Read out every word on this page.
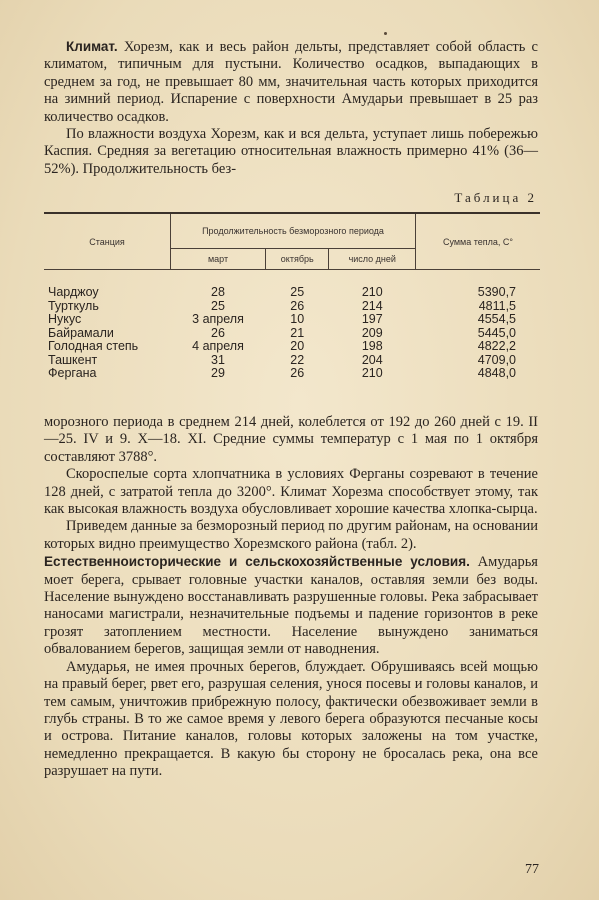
Климат. Хорезм, как и весь район дельты, представляет собой область с климатом, типичным для пустыни. Количество осадков, выпадающих в среднем за год, не превышает 80 мм, значительная часть которых приходится на зимний период. Испарение с поверхности Амударьи превышает в 25 раз количество осадков.

По влажности воздуха Хорезм, как и вся дельта, уступает лишь побережью Каспия. Средняя за вегетацию относительная влажность примерно 41% (36—52%). Продолжительность без-

Таблица 2
Станция	Продолжительность безморозного периода			Сумма тепла, С°
	март	октябрь	число дней	
Чарджоу	28	25	210	5390,7
Турткуль	25	26	214	4811,5
Нукус	3 апреля	10	197	4554,5
Байрамали	26	21	209	5445,0
Голодная степь	4 апреля	20	198	4822,2
Ташкент	31	22	204	4709,0
Фергана	29	26	210	4848,0

морозного периода в среднем 214 дней, колеблется от 192 до 260 дней с 19. II—25. IV и 9. X—18. XI. Средние суммы температур с 1 мая по 1 октября составляют 3788°.

Скороспелые сорта хлопчатника в условиях Ферганы созревают в течение 128 дней, с затратой тепла до 3200°. Климат Хорезма способствует этому, так как высокая влажность воздуха обусловливает хорошие качества хлопка-сырца.

Приведем данные за безморозный период по другим районам, на основании которых видно преимущество Хорезмского района (табл. 2).

Естественноисторические и сельскохозяйственные условия. Амударья моет берега, срывает головные участки каналов, оставляя земли без воды. Население вынуждено восстанавливать разрушенные головы. Река забрасывает наносами магистрали, незначительные подъемы и падение горизонтов в реке грозят затоплением местности. Население вынуждено заниматься обвалованием берегов, защищая земли от наводнения.

Амударья, не имея прочных берегов, блуждает. Обрушиваясь всей мощью на правый берег, рвет его, разрушая селения, унося посевы и головы каналов, и тем самым, уничтожив прибрежную полосу, фактически обезвоживает земли в глубь страны. В то же самое время у левого берега образуются песчаные косы и острова. Питание каналов, головы которых заложены на том участке, немедленно прекращается. В какую бы сторону не бросалась река, она все разрушает на пути.

77
